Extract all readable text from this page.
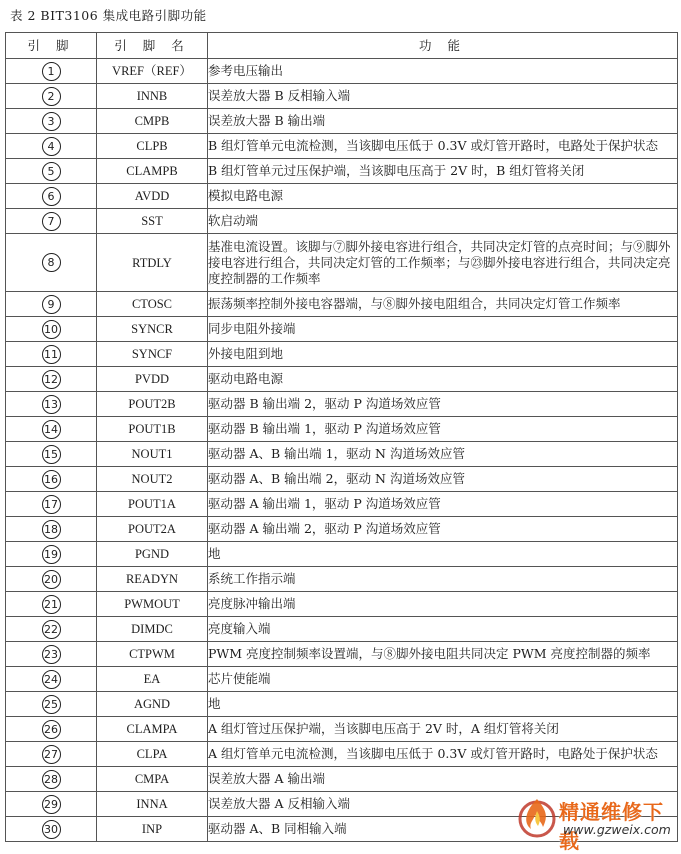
表 2 BIT3106 集成电路引脚功能
引 脚	引 脚 名	功 能
1	VREF（REF）	参考电压输出
2	INNB	误差放大器 B 反相输入端
3	CMPB	误差放大器 B 输出端
4	CLPB	B 组灯管单元电流检测，当该脚电压低于 0.3V 或灯管开路时，电路处于保护状态
5	CLAMPB	B 组灯管单元过压保护端，当该脚电压高于 2V 时，B 组灯管将关闭
6	AVDD	模拟电路电源
7	SST	软启动端
8	RTDLY	基准电流设置。该脚与⑦脚外接电容进行组合，共同决定灯管的点亮时间；与⑨脚外接电容进行组合，共同决定灯管的工作频率；与㉓脚外接电容进行组合，共同决定亮度控制器的工作频率
9	CTOSC	振荡频率控制外接电容器端，与⑧脚外接电阻组合，共同决定灯管工作频率
10	SYNCR	同步电阻外接端
11	SYNCF	外接电阻到地
12	PVDD	驱动电路电源
13	POUT2B	驱动器 B 输出端 2，驱动 P 沟道场效应管
14	POUT1B	驱动器 B 输出端 1，驱动 P 沟道场效应管
15	NOUT1	驱动器 A、B 输出端 1，驱动 N 沟道场效应管
16	NOUT2	驱动器 A、B 输出端 2，驱动 N 沟道场效应管
17	POUT1A	驱动器 A 输出端 1，驱动 P 沟道场效应管
18	POUT2A	驱动器 A 输出端 2，驱动 P 沟道场效应管
19	PGND	地
20	READYN	系统工作指示端
21	PWMOUT	亮度脉冲输出端
22	DIMDC	亮度输入端
23	CTPWM	PWM 亮度控制频率设置端，与⑧脚外接电阻共同决定 PWM 亮度控制器的频率
24	EA	芯片使能端
25	AGND	地
26	CLAMPA	A 组灯管过压保护端，当该脚电压高于 2V 时，A 组灯管将关闭
27	CLPA	A 组灯管单元电流检测，当该脚电压低于 0.3V 或灯管开路时，电路处于保护状态
28	CMPA	误差放大器 A 输出端
29	INNA	误差放大器 A 反相输入端
30	INP	驱动器 A、B 同相输入端
精通维修下载
www.gzweix.com
